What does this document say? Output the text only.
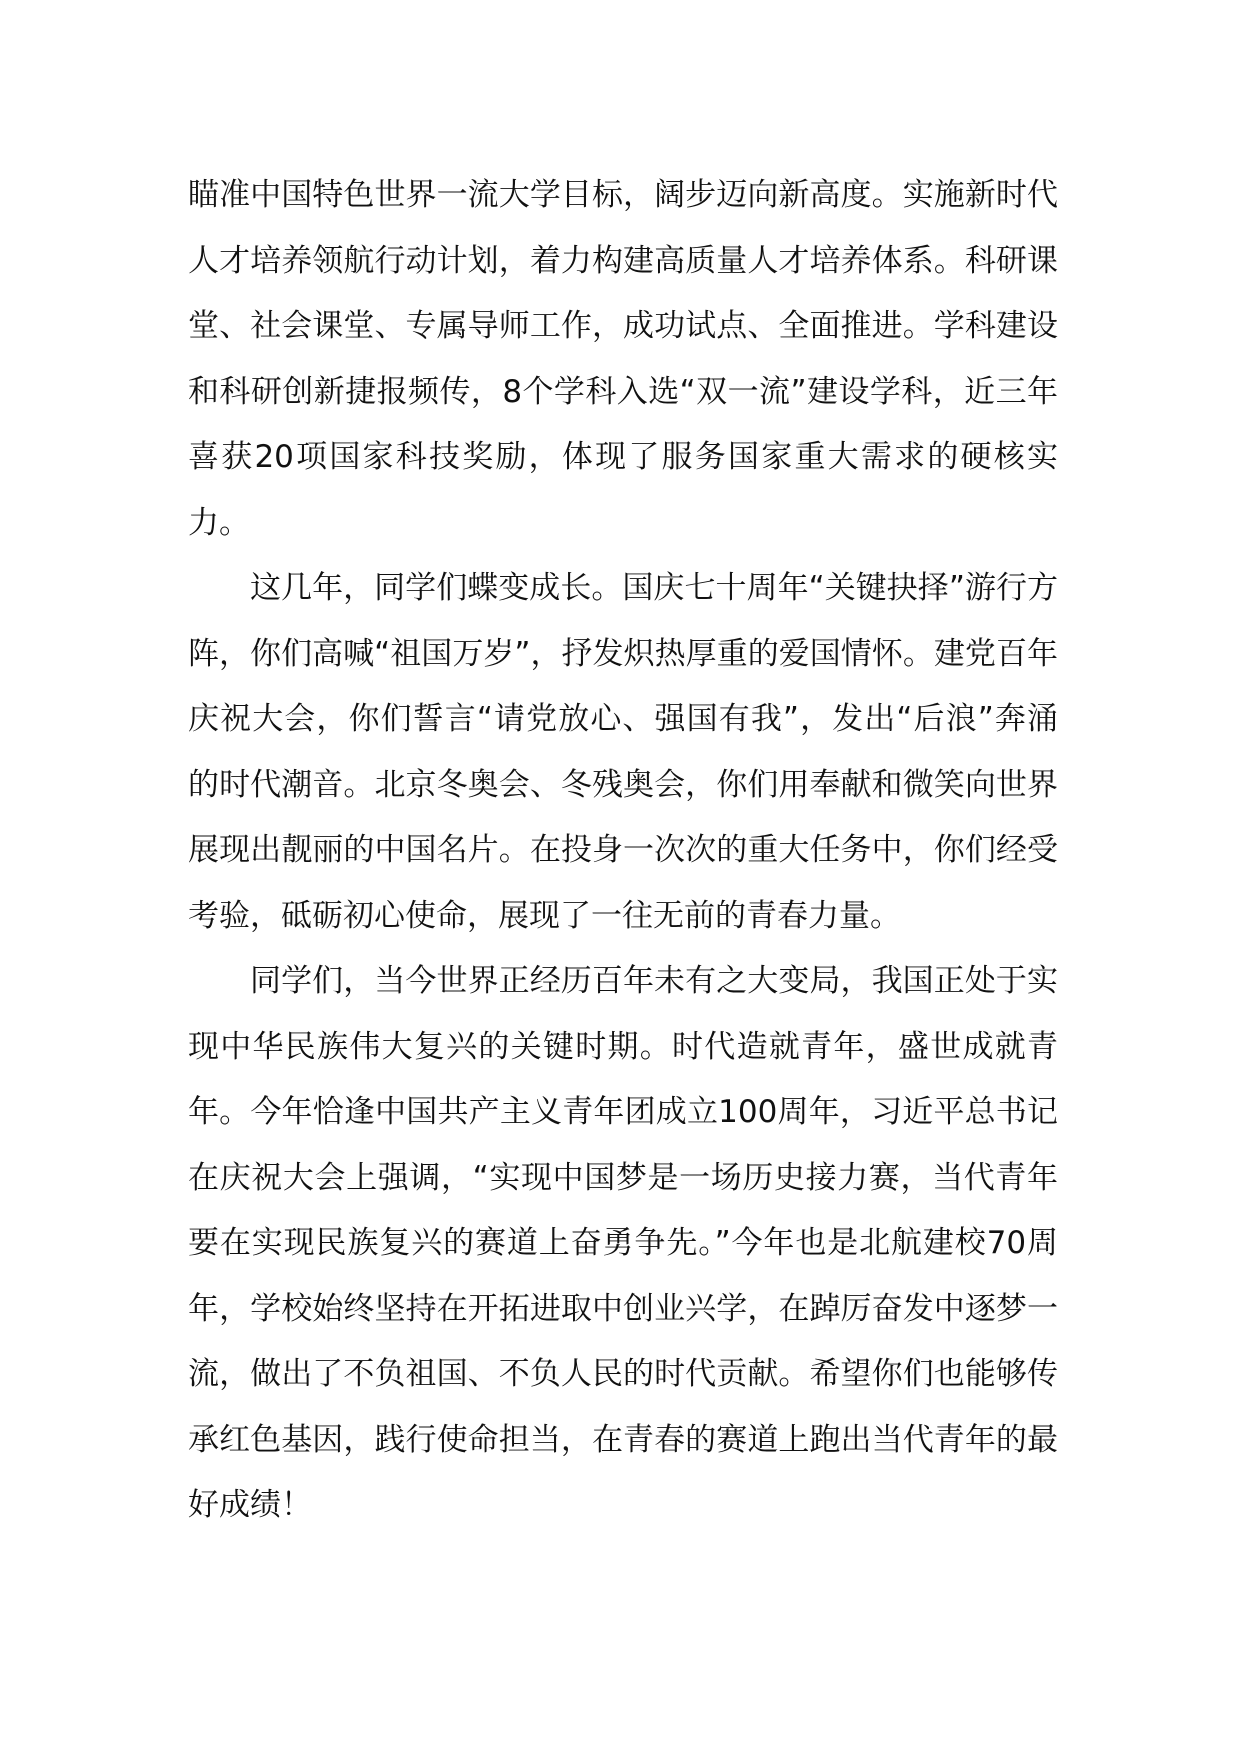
瞄准中国特色世界一流大学目标，阔步迈向新高度。实施新时代人才培养领航行动计划，着力构建高质量人才培养体系。科研课堂、社会课堂、专属导师工作，成功试点、全面推进。学科建设和科研创新捷报频传，8个学科入选“双一流”建设学科，近三年喜获20项国家科技奖励，体现了服务国家重大需求的硬核实力。

这几年，同学们蝶变成长。国庆七十周年“关键抉择”游行方阵，你们高喊“祖国万岁”，抒发炽热厚重的爱国情怀。建党百年庆祝大会，你们誓言“请党放心、强国有我”，发出“后浪”奔涌的时代潮音。北京冬奥会、冬残奥会，你们用奉献和微笑向世界展现出靓丽的中国名片。在投身一次次的重大任务中，你们经受考验，砥砺初心使命，展现了一往无前的青春力量。

同学们，当今世界正经历百年未有之大变局，我国正处于实现中华民族伟大复兴的关键时期。时代造就青年，盛世成就青年。今年恰逢中国共产主义青年团成立100周年，习近平总书记在庆祝大会上强调，“实现中国梦是一场历史接力赛，当代青年要在实现民族复兴的赛道上奋勇争先。”今年也是北航建校70周年，学校始终坚持在开拓进取中创业兴学，在踔厉奋发中逐梦一流，做出了不负祖国、不负人民的时代贡献。希望你们也能够传承红色基因，践行使命担当，在青春的赛道上跑出当代青年的最好成绩！
